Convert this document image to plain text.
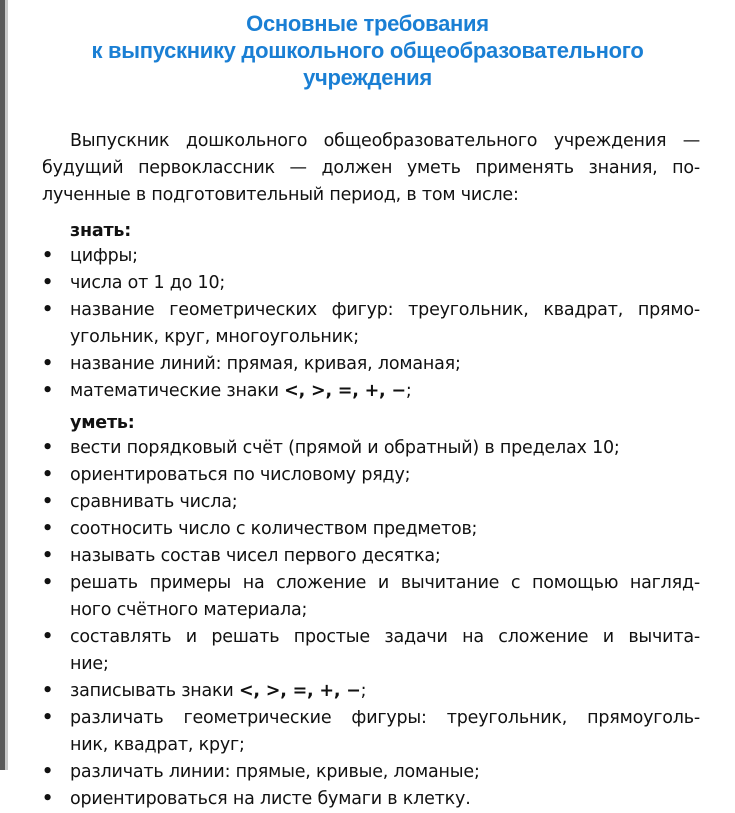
Основные требования
к выпускнику дошкольного общеобразовательного
учреждения
Выпускник дошкольного общеобразовательного учреждения —
будущий первоклассник — должен уметь применять знания, по-
лученные в подготовительный период, в том числе:
знать:
• цифры;
• числа от 1 до 10;
• название геометрических фигур: треугольник, квадрат, прямо-
угольник, круг, многоугольник;
• название линий: прямая, кривая, ломаная;
• математические знаки <, >, =, +, −;
уметь:
• вести порядковый счёт (прямой и обратный) в пределах 10;
• ориентироваться по числовому ряду;
• сравнивать числа;
• соотносить число с количеством предметов;
• называть состав чисел первого десятка;
• решать примеры на сложение и вычитание с помощью нагляд-
ного счётного материала;
• составлять и решать простые задачи на сложение и вычита-
ние;
• записывать знаки <, >, =, +, −;
• различать геометрические фигуры: треугольник, прямоуголь-
ник, квадрат, круг;
• различать линии: прямые, кривые, ломаные;
• ориентироваться на листе бумаги в клетку.
